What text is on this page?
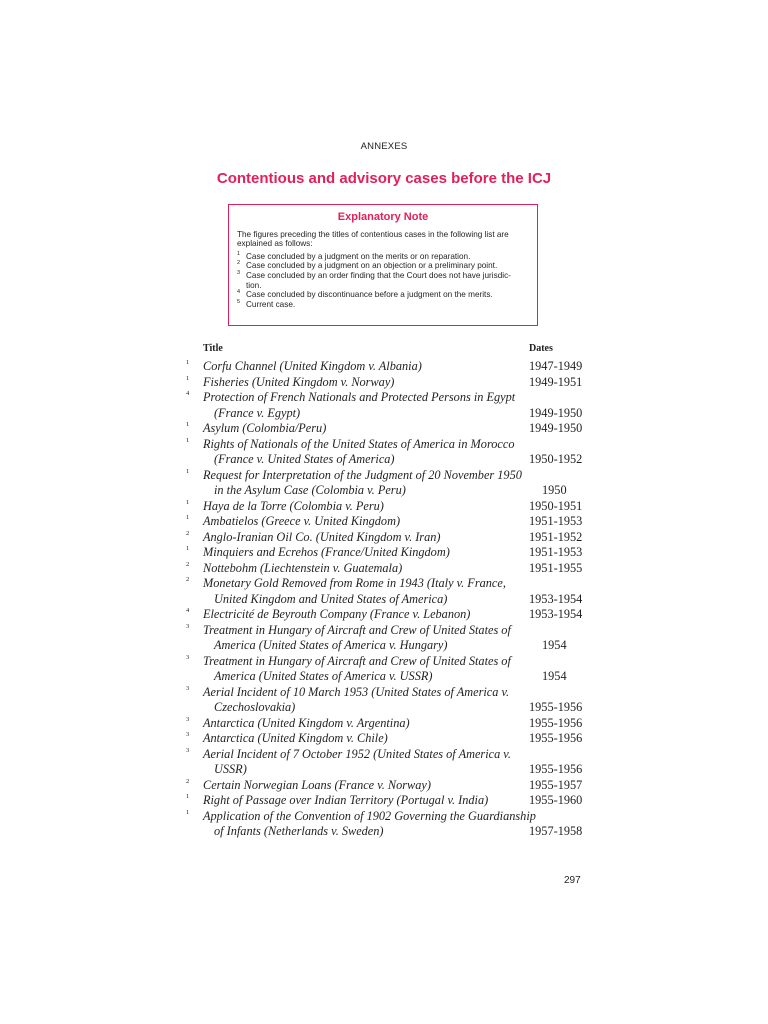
ANNEXES
Contentious and advisory cases before the ICJ
Explanatory Note
The figures preceding the titles of contentious cases in the following list are explained as follows:
1 Case concluded by a judgment on the merits or on reparation.
2 Case concluded by a judgment on an objection or a preliminary point.
3 Case concluded by an order finding that the Court does not have jurisdic-
tion.
4 Case concluded by discontinuance before a judgment on the merits.
5 Current case.
Title	Dates
1 Corfu Channel (United Kingdom v. Albania)	1947-1949
1 Fisheries (United Kingdom v. Norway)	1949-1951
4 Protection of French Nationals and Protected Persons in Egypt
(France v. Egypt)	1949-1950
1 Asylum (Colombia/Peru)	1949-1950
1 Rights of Nationals of the United States of America in Morocco
(France v. United States of America)	1950-1952
1 Request for Interpretation of the Judgment of 20 November 1950
in the Asylum Case (Colombia v. Peru)	1950
1 Haya de la Torre (Colombia v. Peru)	1950-1951
1 Ambatielos (Greece v. United Kingdom)	1951-1953
2 Anglo-Iranian Oil Co. (United Kingdom v. Iran)	1951-1952
1 Minquiers and Ecrehos (France/United Kingdom)	1951-1953
2 Nottebohm (Liechtenstein v. Guatemala)	1951-1955
2 Monetary Gold Removed from Rome in 1943 (Italy v. France,
United Kingdom and United States of America)	1953-1954
4 Electricité de Beyrouth Company (France v. Lebanon)	1953-1954
3 Treatment in Hungary of Aircraft and Crew of United States of
America (United States of America v. Hungary)	1954
3 Treatment in Hungary of Aircraft and Crew of United States of
America (United States of America v. USSR)	1954
3 Aerial Incident of 10 March 1953 (United States of America v.
Czechoslovakia)	1955-1956
3 Antarctica (United Kingdom v. Argentina)	1955-1956
3 Antarctica (United Kingdom v. Chile)	1955-1956
3 Aerial Incident of 7 October 1952 (United States of America v.
USSR)	1955-1956
2 Certain Norwegian Loans (France v. Norway)	1955-1957
1 Right of Passage over Indian Territory (Portugal v. India)	1955-1960
1 Application of the Convention of 1902 Governing the Guardianship
of Infants (Netherlands v. Sweden)	1957-1958
297
